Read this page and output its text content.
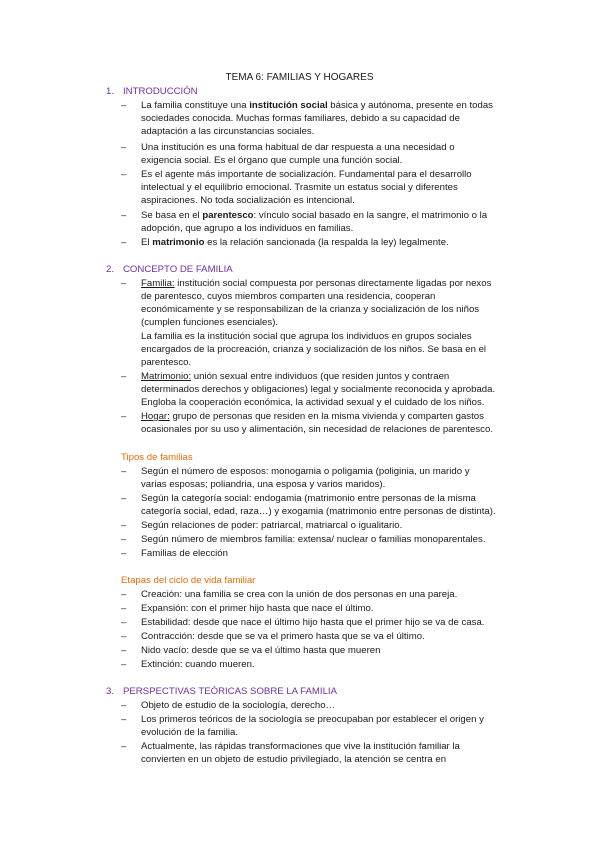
TEMA 6: FAMILIAS Y HOGARES
1. INTRODUCCIÓN
– La familia constituye una institución social básica y autónoma, presente en todas
sociedades conocida. Muchas formas familiares, debido a su capacidad de
adaptación a las circunstancias sociales.
– Una institución es una forma habitual de dar respuesta a una necesidad o
exigencia social. Es el órgano que cumple una función social.
– Es el agente más importante de socialización. Fundamental para el desarrollo
intelectual y el equilibrio emocional. Trasmite un estatus social y diferentes
aspiraciones. No toda socialización es intencional.
– Se basa en el parentesco: vínculo social basado en la sangre, el matrimonio o la
adopción, que agrupo a los individuos en familias.
– El matrimonio es la relación sancionada (la respalda la ley) legalmente.
2. CONCEPTO DE FAMILIA
– Familia: institución social compuesta por personas directamente ligadas por nexos
de parentesco, cuyos miembros comparten una residencia, cooperan
económicamente y se responsabilizan de la crianza y socialización de los niños
(cumplen funciones esenciales).
La familia es la institución social que agrupa los individuos en grupos sociales
encargados de la procreación, crianza y socialización de los niños. Se basa en el
parentesco.
– Matrimonio: unión sexual entre individuos (que residen juntos y contraen
determinados derechos y obligaciones) legal y socialmente reconocida y aprobada.
Engloba la cooperación económica, la actividad sexual y el cuidado de los niños.
– Hogar: grupo de personas que residen en la misma vivienda y comparten gastos
ocasionales por su uso y alimentación, sin necesidad de relaciones de parentesco.
Tipos de familias
– Según el número de esposos: monogamia o poligamia (poliginia, un marido y
varias esposas; poliandria, una esposa y varios maridos).
– Según la categoría social: endogamia (matrimonio entre personas de la misma
categoría social, edad, raza…) y exogamia (matrimonio entre personas de distinta).
– Según relaciones de poder: patriarcal, matriarcal o igualitario.
– Según número de miembros familia: extensa/ nuclear o familias monoparentales.
– Familias de elección
Etapas del ciclo de vida familiar
– Creación: una familia se crea con la unión de dos personas en una pareja.
– Expansión: con el primer hijo hasta que nace el último.
– Estabilidad: desde que nace el último hijo hasta que el primer hijo se va de casa.
– Contracción: desde que se va el primero hasta que se va el último.
– Nido vacío: desde que se va el último hasta que mueren
– Extinción: cuando mueren.
3. PERSPECTIVAS TEÓRICAS SOBRE LA FAMILIA
– Objeto de estudio de la sociología, derecho…
– Los primeros teóricos de la sociología se preocupaban por establecer el origen y
evolución de la familia.
– Actualmente, las rápidas transformaciones que vive la institución familiar la
convierten en un objeto de estudio privilegiado, la atención se centra en
